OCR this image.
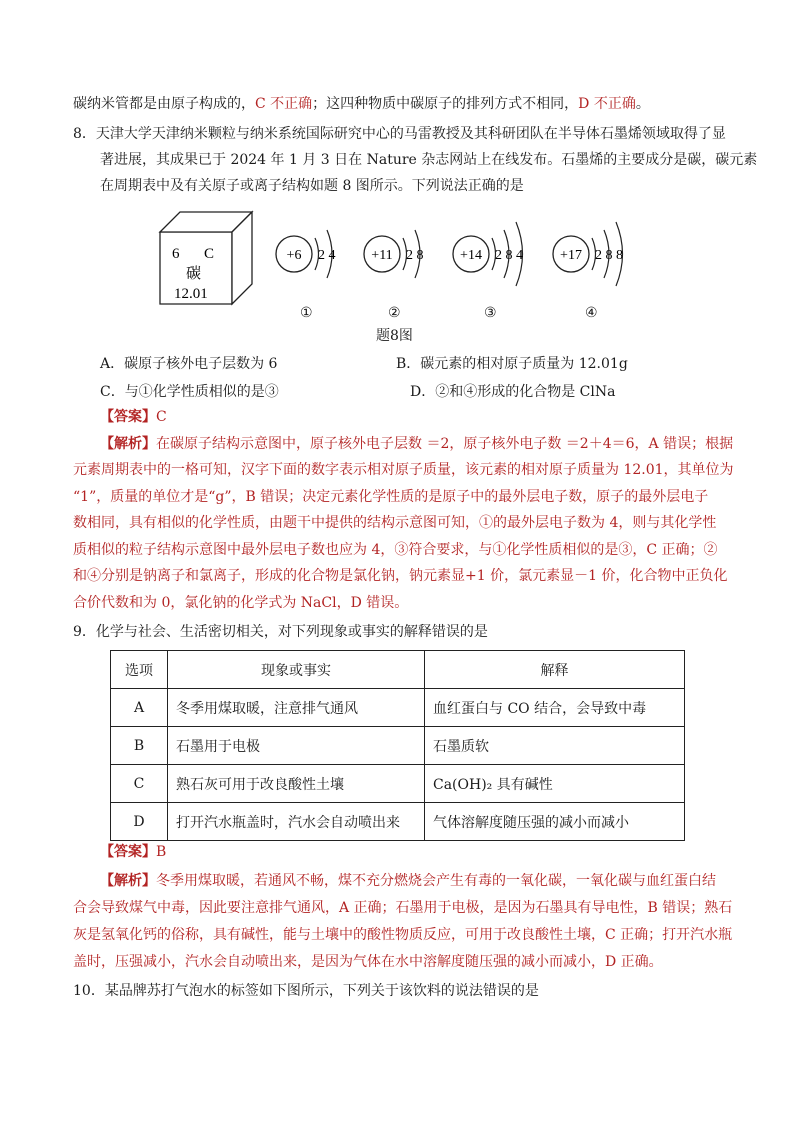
碳纳米管都是由原子构成的，C 不正确；这四种物质中碳原子的排列方式不相同，D 不正确。
8．天津大学天津纳米颗粒与纳米系统国际研究中心的马雷教授及其科研团队在半导体石墨烯领域取得了显
著进展，其成果已于 2024 年 1 月 3 日在 Nature 杂志网站上在线发布。石墨烯的主要成分是碳，碳元素
在周期表中及有关原子或离子结构如题 8 图所示。下列说法正确的是
6 C
碳
12.01
+6 2 4	+11 2 8	+14 2 8 4	+17 2 8 8
①	②	③	④
题8图
A．碳原子核外电子层数为 6	B．碳元素的相对原子质量为 12.01g
C．与①化学性质相似的是③	D．②和④形成的化合物是 ClNa
【答案】C
【解析】在碳原子结构示意图中，原子核外电子层数 ＝2，原子核外电子数 ＝2＋4＝6，A 错误；根据
元素周期表中的一格可知，汉字下面的数字表示相对原子质量，该元素的相对原子质量为 12.01，其单位为
“1”，质量的单位才是“g”，B 错误；决定元素化学性质的是原子中的最外层电子数，原子的最外层电子
数相同，具有相似的化学性质，由题干中提供的结构示意图可知，①的最外层电子数为 4，则与其化学性
质相似的粒子结构示意图中最外层电子数也应为 4，③符合要求，与①化学性质相似的是③，C 正确；②
和④分别是钠离子和氯离子，形成的化合物是氯化钠，钠元素显+1 价，氯元素显－1 价，化合物中正负化
合价代数和为 0，氯化钠的化学式为 NaCl，D 错误。
9．化学与社会、生活密切相关，对下列现象或事实的解释错误的是
选项	现象或事实	解释
A	冬季用煤取暖，注意排气通风	血红蛋白与 CO 结合，会导致中毒
B	石墨用于电极	石墨质软
C	熟石灰可用于改良酸性土壤	Ca(OH)₂ 具有碱性
D	打开汽水瓶盖时，汽水会自动喷出来	气体溶解度随压强的减小而减小
【答案】B
【解析】冬季用煤取暖，若通风不畅，煤不充分燃烧会产生有毒的一氧化碳，一氧化碳与血红蛋白结
合会导致煤气中毒，因此要注意排气通风，A 正确；石墨用于电极，是因为石墨具有导电性，B 错误；熟石
灰是氢氧化钙的俗称，具有碱性，能与土壤中的酸性物质反应，可用于改良酸性土壤，C 正确；打开汽水瓶
盖时，压强减小，汽水会自动喷出来，是因为气体在水中溶解度随压强的减小而减小，D 正确。
10．某品牌苏打气泡水的标签如下图所示，下列关于该饮料的说法错误的是
